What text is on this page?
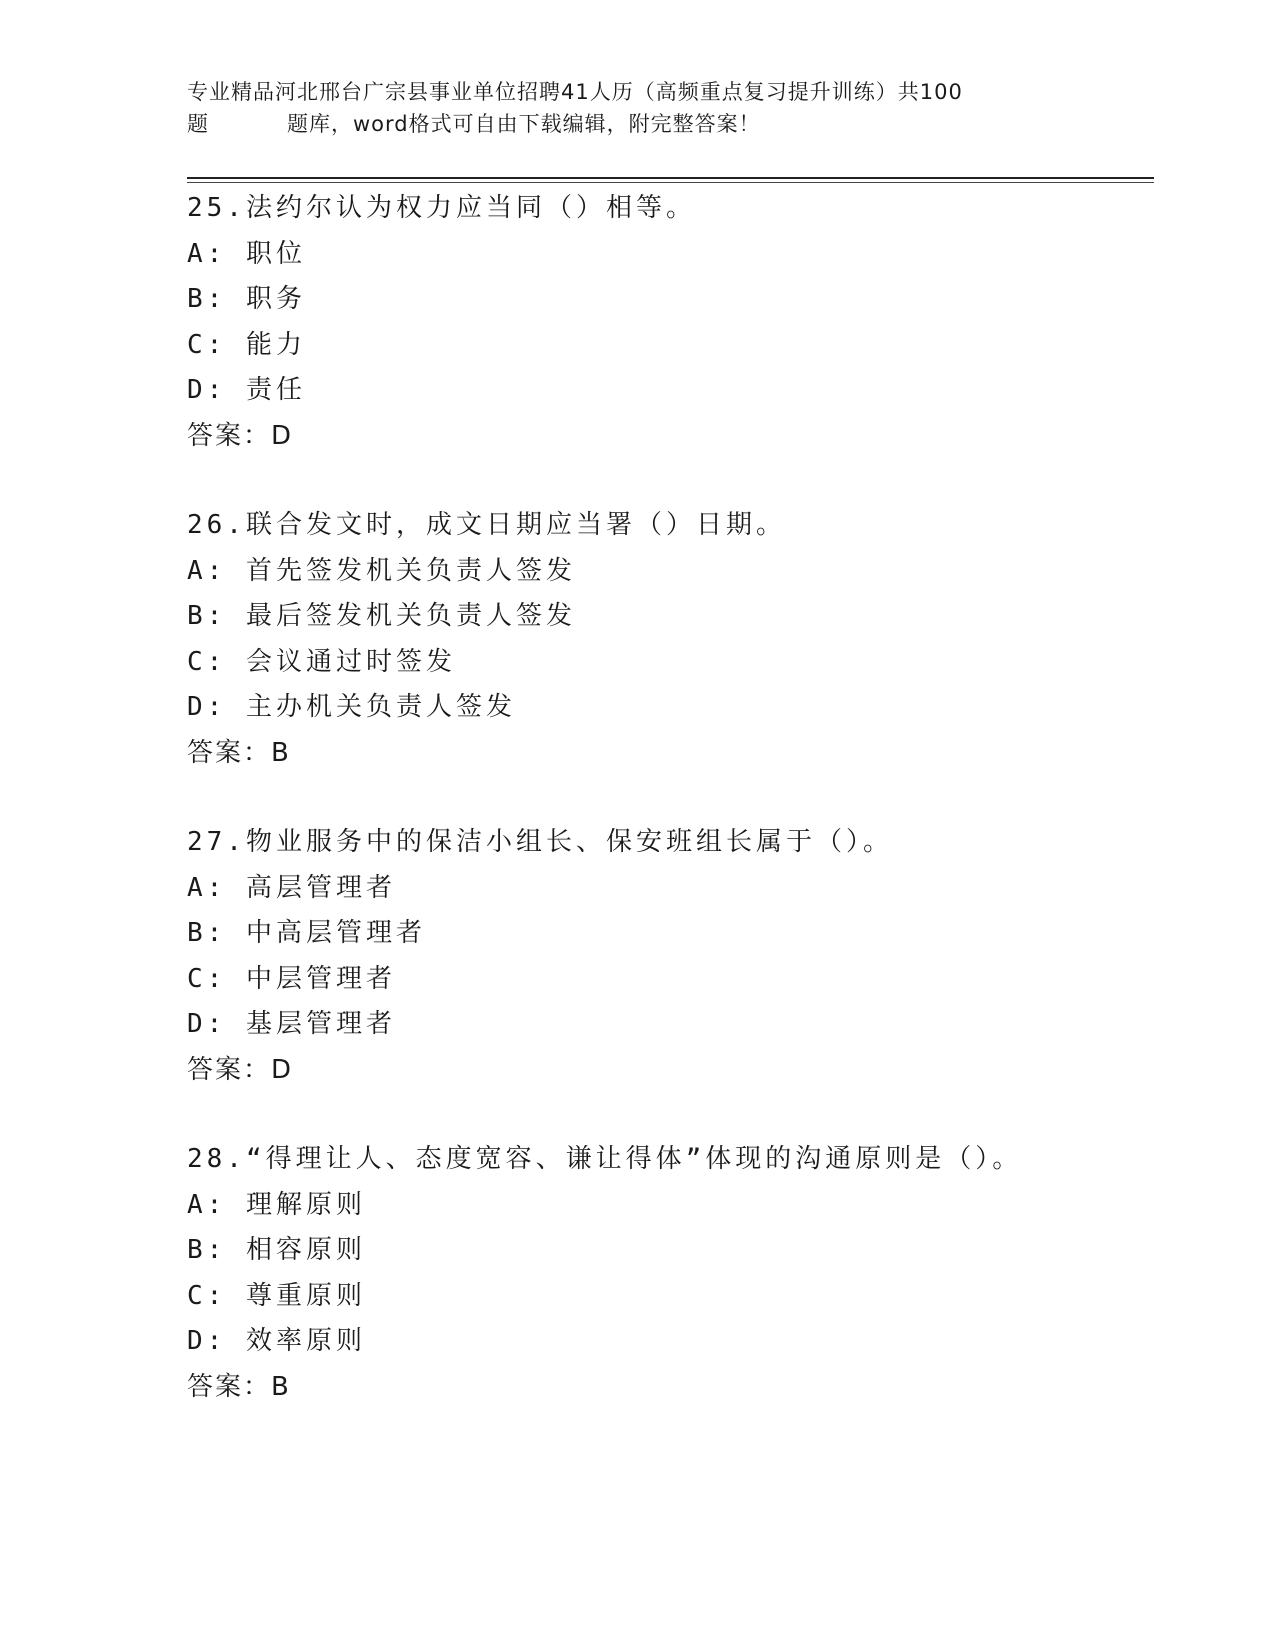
专业精品河北邢台广宗县事业单位招聘41人历（高频重点复习提升训练）共100
题	题库，word格式可自由下载编辑，附完整答案！
25.法约尔认为权力应当同（）相等。
A: 职位
B: 职务
C: 能力
D: 责任
答案：D
26.联合发文时，成文日期应当署（）日期。
A: 首先签发机关负责人签发
B: 最后签发机关负责人签发
C: 会议通过时签发
D: 主办机关负责人签发
答案：B
27.物业服务中的保洁小组长、保安班组长属于（）。
A: 高层管理者
B: 中高层管理者
C: 中层管理者
D: 基层管理者
答案：D
28.“得理让人、态度宽容、谦让得体”体现的沟通原则是（）。
A: 理解原则
B: 相容原则
C: 尊重原则
D: 效率原则
答案：B
